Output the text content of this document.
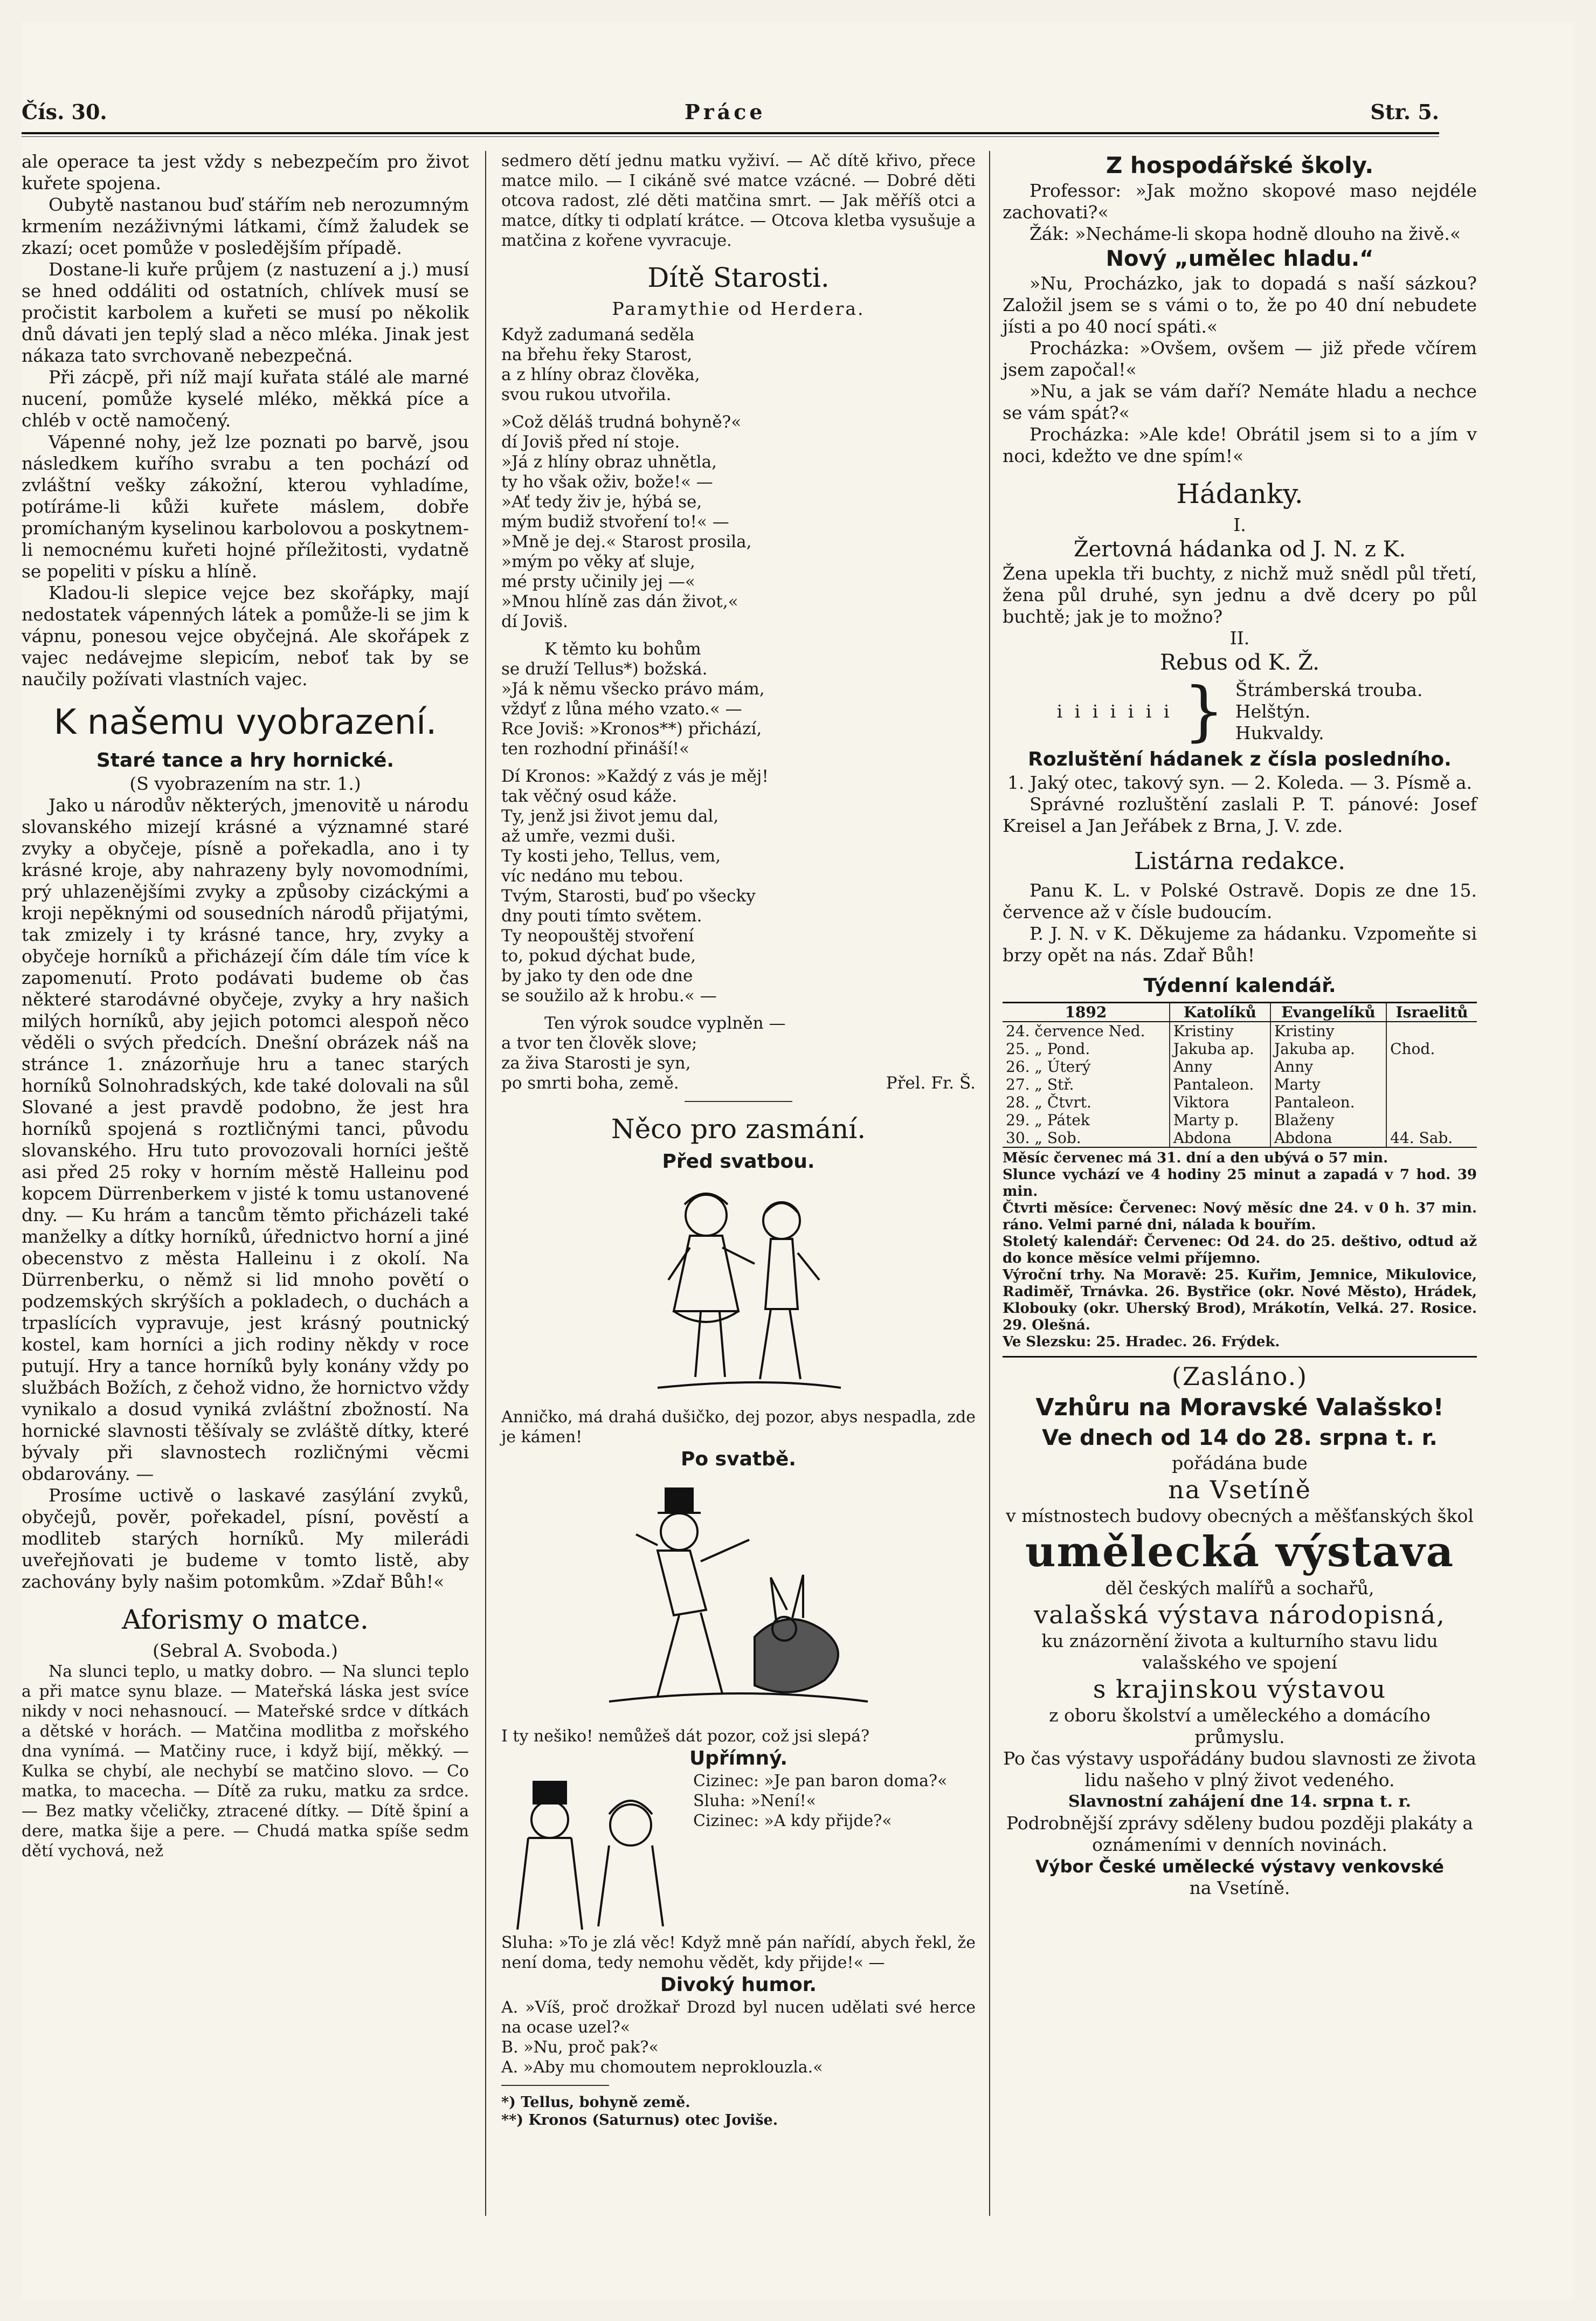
Čís. 30.	Práce	Str. 5.

ale operace ta jest vždy s nebezpečím pro život kuřete spojena.

Oubytě nastanou buď stářím neb nerozumným krmením nezáživnými látkami, čímž žaludek se zkazí; ocet pomůže v posledějším případě.

Dostane-li kuře průjem (z nastuzení a j.) musí se hned oddáliti od ostatních, chlívek musí se pročistit karbolem a kuřeti se musí po několik dnů dávati jen teplý slad a něco mléka. Jinak jest nákaza tato svrchovaně nebezpečná.

Při zácpě, při níž mají kuřata stálé ale marné nucení, pomůže kyselé mléko, měkká píce a chléb v octě namočený.

Vápenné nohy, jež lze poznati po barvě, jsou následkem kuřího svrabu a ten pochází od zvláštní vešky zákožní, kterou vyhladíme, potíráme-li kůži kuřete máslem, dobře promíchaným kyselinou karbolovou a poskytnem-li nemocnému kuřeti hojné příležitosti, vydatně se popeliti v písku a hlíně.

Kladou-li slepice vejce bez skořápky, mají nedostatek vápenných látek a pomůže-li se jim k vápnu, ponesou vejce obyčejná. Ale skořápek z vajec nedávejme slepicím, neboť tak by se naučily požívati vlastních vajec.

K našemu vyobrazení.
Staré tance a hry hornické.
(S vyobrazením na str. 1.)

Jako u národův některých, jmenovitě u národu slovanského mizejí krásné a významné staré zvyky a obyčeje, písně a pořekadla, ano i ty krásné kroje, aby nahrazeny byly novomodními, prý uhlazenějšími zvyky a způsoby cizáckými a kroji nepěknými od sousedních národů přijatými, tak zmizely i ty krásné tance, hry, zvyky a obyčeje horníků a přicházejí čím dále tím více k zapomenutí. Proto podávati budeme ob čas některé starodávné obyčeje, zvyky a hry našich milých horníků, aby jejich potomci alespoň něco věděli o svých předcích. Dnešní obrázek náš na stránce 1. znázorňuje hru a tanec starých horníků Solnohradských, kde také dolovali na sůl Slované a jest pravdě podobno, že jest hra horníků spojená s roztličnými tanci, původu slovanského. Hru tuto provozovali horníci ještě asi před 25 roky v horním městě Halleinu pod kopcem Dürrenberkem v jisté k tomu ustanovené dny. — Ku hrám a tancům těmto přicházeli také manželky a dítky horníků, úřednictvo horní a jiné obecenstvo z města Halleinu i z okolí. Na Dürrenberku, o němž si lid mnoho povětí o podzemských skrýších a pokladech, o duchách a trpaslících vypravuje, jest krásný poutnický kostel, kam horníci a jich rodiny někdy v roce putují. Hry a tance horníků byly konány vždy po službách Božích, z čehož vidno, že hornictvo vždy vynikalo a dosud vyniká zvláštní zbožností. Na hornické slavnosti těšívaly se zvláště dítky, které bývaly při slavnostech rozličnými věcmi obdarovány. —

Prosíme uctivě o laskavé zasýlání zvyků, obyčejů, pověr, pořekadel, písní, pověstí a modliteb starých horníků. My milerádi uveřejňovati je budeme v tomto listě, aby zachovány byly našim potomkům. »Zdař Bůh!«

Aforismy o matce.
(Sebral A. Svoboda.)

Na slunci teplo, u matky dobro. — Na slunci teplo a při matce synu blaze. — Mateřská láska jest svíce nikdy v noci nehasnoucí. — Mateřské srdce v dítkách a dětské v horách. — Matčina modlitba z mořského dna vynímá. — Matčiny ruce, i když bijí, měkký. — Kulka se chybí, ale nechybí se matčino slovo. — Co matka, to macecha. — Dítě za ruku, matku za srdce. — Bez matky včeličky, ztracené dítky. — Dítě špiní a dere, matka šije a pere. — Chudá matka spíše sedm dětí vychová, než

sedmero dětí jednu matku vyživí. — Ač dítě křivo, přece matce milo. — I cikáně své matce vzácné. — Dobré děti otcova radost, zlé děti matčina smrt. — Jak měříš otci a matce, dítky ti odplatí krátce. — Otcova kletba vysušuje a matčina z kořene vyvracuje.

Dítě Starosti.
Paramythie od Herdera.
Když zadumaná seděla
na břehu řeky Starost,
a z hlíny obraz člověka,
svou rukou utvořila.
»Což děláš trudná bohyně?«
dí Joviš před ní stoje.
»Já z hlíny obraz uhnětla,
ty ho však oživ, bože!« —
»Ať tedy živ je, hýbá se,
mým budiž stvoření to!« —
»Mně je dej.« Starost prosila,
»mým po věky ať sluje,
mé prsty učinily jej —«
»Mnou hlíně zas dán život,«
dí Joviš.
K těmto ku bohům
se druží Tellus*) božská.
»Já k němu všecko právo mám,
vždyť z lůna mého vzato.« —
Rce Joviš: »Kronos**) přichází,
ten rozhodní přináší!«
Dí Kronos: »Každý z vás je měj!
tak věčný osud káže.
Ty, jenž jsi život jemu dal,
až umře, vezmi duši.
Ty kosti jeho, Tellus, vem,
víc nedáno mu tebou.
Tvým, Starosti, buď po všecky
dny pouti tímto světem.
Ty neopouštěj stvoření
to, pokud dýchat bude,
by jako ty den ode dne
se soužilo až k hrobu.« —
Ten výrok soudce vyplněn —
a tvor ten člověk slove;
za živa Starosti je syn,
po smrti boha, země.	Přel. Fr. Š.
Něco pro zasmání.
Před svatbou.

Anničko, má drahá dušičko, dej pozor, abys nespadla, zde je kámen!

Po svatbě.

I ty nešiko! nemůžeš dát pozor, což jsi slepá?

Upřímný.
Cizinec: »Je pan baron doma?«
Sluha: »Není!«
Cizinec: »A kdy přijde?«

Sluha: »To je zlá věc! Když mně pán nařídí, abych řekl, že není doma, tedy nemohu vědět, kdy přijde!« —

Divoký humor.

A. »Víš, proč drožkař Drozd byl nucen udělati své herce na ocase uzel?«

B. »Nu, proč pak?«

A. »Aby mu chomoutem neproklouzla.«

*) Tellus, bohyně země.

**) Kronos (Saturnus) otec Joviše.

Z hospodářské školy.

Professor: »Jak možno skopové maso nejdéle zachovati?«

Žák: »Necháme-li skopa hodně dlouho na živě.«

Nový „umělec hladu.“

»Nu, Procházko, jak to dopadá s naší sázkou? Založil jsem se s vámi o to, že po 40 dní nebudete jísti a po 40 nocí spáti.«

Procházka: »Ovšem, ovšem — již přede včírem jsem započal!«

»Nu, a jak se vám daří? Nemáte hladu a nechce se vám spát?«

Procházka: »Ale kde! Obrátil jsem si to a jím v noci, kdežto ve dne spím!«

Hádanky.
I.
Žertovná hádanka od J. N. z K.

Žena upekla tři buchty, z nichž muž snědl půl třetí, žena půl druhé, syn jednu a dvě dcery po půl buchtě; jak je to možno?

II.
Rebus od K. Ž.
i i i i i i i } Štrámberská trouba.
Helštýn.
Hukvaldy.
Rozluštění hádanek z čísla posledního.

1. Jaký otec, takový syn. — 2. Koleda. — 3. Písmě a.

Správné rozluštění zaslali P. T. pánové: Josef Kreisel a Jan Jeřábek z Brna, J. V. zde.

Listárna redakce.

Panu K. L. v Polské Ostravě. Dopis ze dne 15. července až v čísle budoucím.

P. J. N. v K. Děkujeme za hádanku. Vzpomeňte si brzy opět na nás. Zdař Bůh!

Týdenní kalendář.
1892	Katolíků	Evangelíků	Israelitů
24. července Ned.	Kristiny	Kristiny	
25. „ Pond.	Jakuba ap.	Jakuba ap.	Chod.
26. „ Úterý	Anny	Anny	
27. „ Stř.	Pantaleon.	Marty	
28. „ Čtvrt.	Viktora	Pantaleon.	
29. „ Pátek	Marty p.	Blaženy	
30. „ Sob.	Abdona	Abdona	44. Sab.
Měsíc červenec má 31. dní a den ubývá o 57 min.
Slunce vychází ve 4 hodiny 25 minut a zapadá v 7 hod. 39 min.
Čtvrti měsíce: Červenec: Nový měsíc dne 24. v 0 h. 37 min. ráno. Velmi parné dni, nálada k bouřím.
Stoletý kalendář: Červenec: Od 24. do 25. deštivo, odtud až do konce měsíce velmi příjemno.
Výroční trhy. Na Moravě: 25. Kuřim, Jemnice, Mikulovice, Radiměř, Trnávka. 26. Bystřice (okr. Nové Město), Hrádek, Klobouky (okr. Uherský Brod), Mrákotín, Velká. 27. Rosice. 29. Olešná.
Ve Slezsku: 25. Hradec. 26. Frýdek.
(Zasláno.)
Vzhůru na Moravské Valašsko!
Ve dnech od 14 do 28. srpna t. r.
pořádána bude
na Vsetíně
v místnostech budovy obecných a měšťanských škol
umělecká výstava
děl českých malířů a sochařů,
valašská výstava národopisná,
ku znázornění života a kulturního stavu lidu valašského ve spojení
s krajinskou výstavou
z oboru školství a uměleckého a domácího průmyslu.
Po čas výstavy uspořádány budou slavnosti ze života lidu našeho v plný život vedeného.
Slavnostní zahájení dne 14. srpna t. r.
Podrobnější zprávy sděleny budou později plakáty a oznámeními v denních novinách.
Výbor České umělecké výstavy venkovské
na Vsetíně.
